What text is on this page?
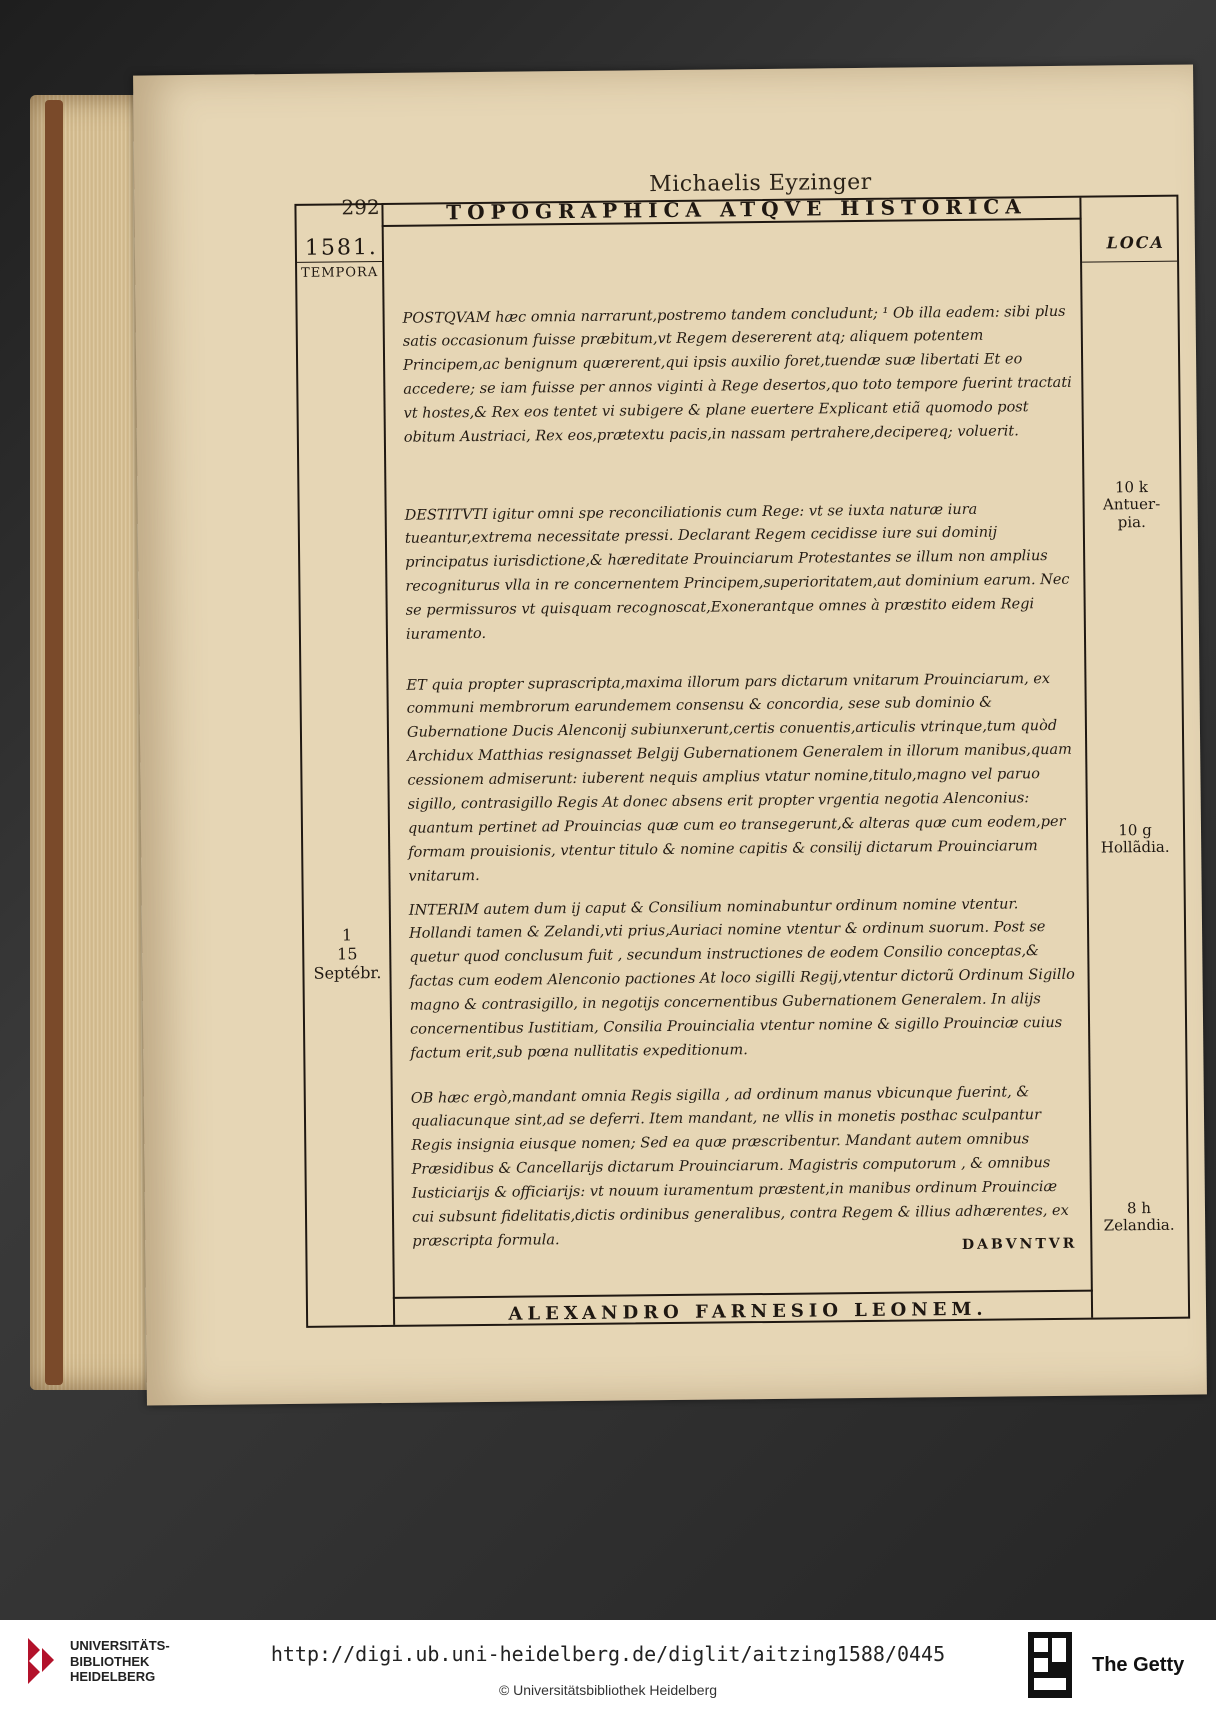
Michaelis Eyzinger
292	TOPOGRAPHICA ATQVE HISTORICA
1581.
TEMPORA
1
15 Septébr.
LOCA
10 k
Antuer-
pia.
10 g
Hollãdia.
8 h
Zelandia.

POSTQVAM hæc omnia narrarunt,postremo tandem concludunt; ¹ Ob illa eadem: sibi plus satis occasionum fuisse præbitum,vt Regem desererent atq; aliquem potentem Principem,ac benignum quærerent,qui ipsis auxilio foret,tuendæ suæ libertati Et eo accedere; se iam fuisse per annos viginti à Rege desertos,quo toto tempore fuerint tractati vt hostes,& Rex eos tentet vi subigere & plane euertere Explicant etiã quomodo post obitum Austriaci, Rex eos,prætextu pacis,in nassam pertrahere,decipereq; voluerit.

DESTITVTI igitur omni spe reconciliationis cum Rege: vt se iuxta naturæ iura tueantur,extrema necessitate pressi. Declarant Regem cecidisse iure sui dominij principatus iurisdictione,& hæreditate Prouinciarum Protestantes se illum non amplius recogniturus vlla in re concernentem Principem,superioritatem,aut dominium earum. Nec se permissuros vt quisquam recognoscat,Exonerantque omnes à præstito eidem Regi iuramento.

ET quia propter suprascripta,maxima illorum pars dictarum vnitarum Prouinciarum, ex communi membrorum earundemem consensu & concordia, sese sub dominio & Gubernatione Ducis Alenconij subiunxerunt,certis conuentis,articulis vtrinque,tum quòd Archidux Matthias resignasset Belgij Gubernationem Generalem in illorum manibus,quam cessionem admiserunt: iuberent nequis amplius vtatur nomine,titulo,magno vel paruo sigillo, contrasigillo Regis At donec absens erit propter vrgentia negotia Alenconius: quantum pertinet ad Prouincias quæ cum eo transegerunt,& alteras quæ cum eodem,per formam prouisionis, vtentur titulo & nomine capitis & consilij dictarum Prouinciarum vnitarum.

INTERIM autem dum ij caput & Consilium nominabuntur ordinum nomine vtentur. Hollandi tamen & Zelandi,vti prius,Auriaci nomine vtentur & ordinum suorum. Post se quetur quod conclusum fuit , secundum instructiones de eodem Consilio conceptas,& factas cum eodem Alenconio pactiones At loco sigilli Regij,vtentur dictorũ Ordinum Sigillo magno & contrasigillo, in negotijs concernentibus Gubernationem Generalem. In alijs concernentibus Iustitiam, Consilia Prouincialia vtentur nomine & sigillo Prouinciæ cuius factum erit,sub pœna nullitatis expeditionum.

OB hæc ergò,mandant omnia Regis sigilla , ad ordinum manus vbicunque fuerint, & qualiacunque sint,ad se deferri. Item mandant, ne vllis in monetis posthac sculpantur Regis insignia eiusque nomen; Sed ea quæ præscribentur. Mandant autem omnibus Præsidibus & Cancellarijs dictarum Prouinciarum. Magistris computorum , & omnibus Iusticiarijs & officiarijs: vt nouum iuramentum præstent,in manibus ordinum Prouinciæ cui subsunt fidelitatis,dictis ordinibus generalibus, contra Regem & illius adhærentes, ex præscripta formula.	DABVNTVR
ALEXANDRO FARNESIO LEONEM.
UNIVERSITÄTS-
BIBLIOTHEK
HEIDELBERG
http://digi.ub.uni-heidelberg.de/diglit/aitzing1588/0445
© Universitätsbibliothek Heidelberg
The Getty
